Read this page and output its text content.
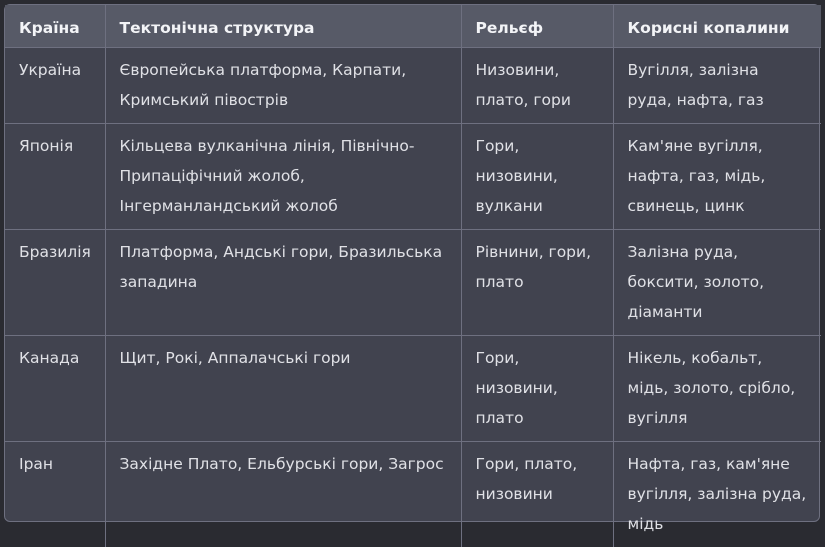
Країна	Тектонічна структура	Рельєф	Корисні копалини
Україна	Європейська платформа, Карпати, Кримський півострів	Низовини, плато, гори	Вугілля, залізна руда, нафта, газ
Японія	Кільцева вулканічна лінія, Північно-Припаціфічний жолоб, Інгерманландський жолоб	Гори, низовини, вулкани	Кам'яне вугілля, нафта, газ, мідь, свинець, цинк
Бразилія	Платформа, Андські гори, Бразильська западина	Рівнини, гори, плато	Залізна руда, боксити, золото, діаманти
Канада	Щит, Рокі, Аппалачські гори	Гори, низовини, плато	Нікель, кобальт, мідь, золото, срібло, вугілля
Іран	Західне Плато, Ельбурські гори, Загрос	Гори, плато, низовини	Нафта, газ, кам'яне вугілля, залізна руда, мідь
